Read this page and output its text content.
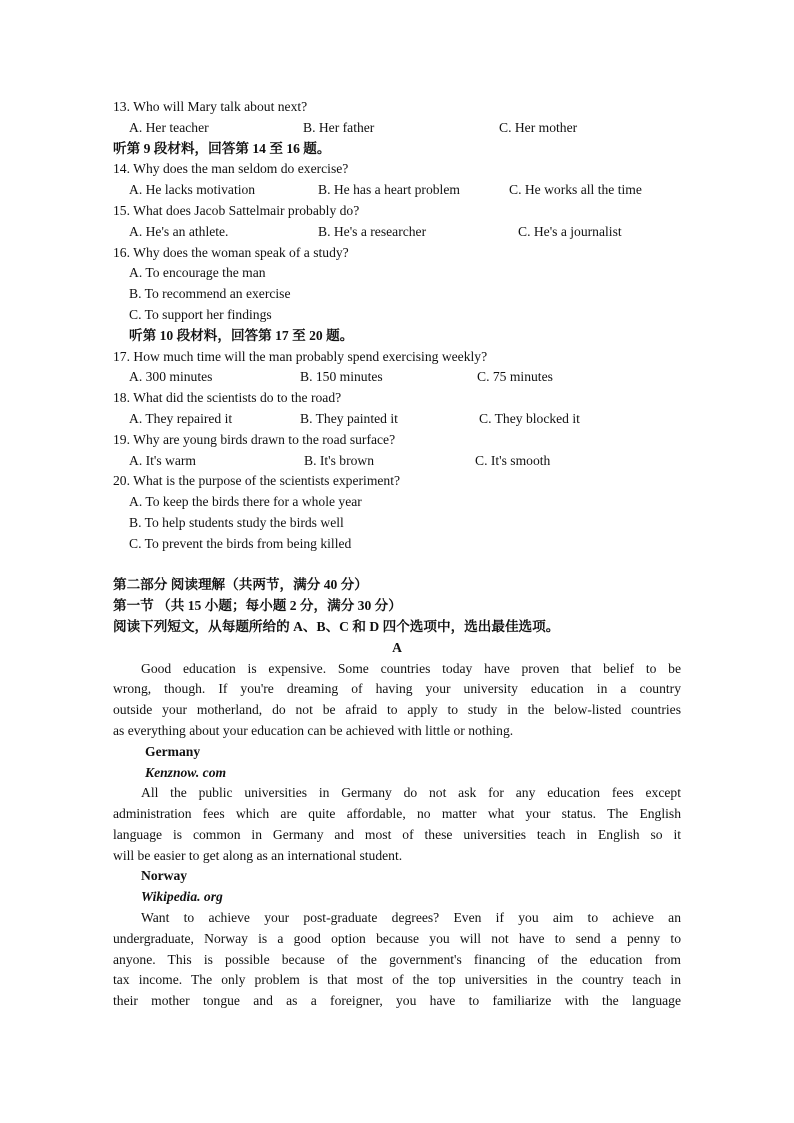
13. Who will Mary talk about next?
A. Her teacher	B. Her father	C. Her mother
听第 9 段材料，回答第 14 至 16 题。
14. Why does the man seldom do exercise?
A. He lacks motivation	B. He has a heart problem	C. He works all the time
15. What does Jacob Sattelmair probably do?
A. He's an athlete.	B. He's a researcher	C. He's a journalist
16. Why does the woman speak of a study?
A. To encourage the man
B. To recommend an exercise
C. To support her findings
听第 10 段材料，回答第 17 至 20 题。
17. How much time will the man probably spend exercising weekly?
A. 300 minutes	B. 150 minutes	C. 75 minutes
18. What did the scientists do to the road?
A. They repaired it	B. They painted it	C. They blocked it
19. Why are young birds drawn to the road surface?
A. It's warm	B. It's brown	C. It's smooth
20. What is the purpose of the scientists experiment?
A. To keep the birds there for a whole year
B. To help students study the birds well
C. To prevent the birds from being killed
第二部分 阅读理解（共两节，满分 40 分）
第一节 （共 15 小题；每小题 2 分，满分 30 分）
阅读下列短文，从每题所给的 A、B、C 和 D 四个选项中，选出最佳选项。
A
Good education is expensive. Some countries today have proven that belief to be
wrong, though. If you're dreaming of having your university education in a country
outside your motherland, do not be afraid to apply to study in the below-listed countries
as everything about your education can be achieved with little or nothing.
Germany
Kenznow. com
All the public universities in Germany do not ask for any education fees except
administration fees which are quite affordable, no matter what your status. The English
language is common in Germany and most of these universities teach in English so it
will be easier to get along as an international student.
Norway
Wikipedia. org
Want to achieve your post-graduate degrees? Even if you aim to achieve an
undergraduate, Norway is a good option because you will not have to send a penny to
anyone. This is possible because of the government's financing of the education from
tax income. The only problem is that most of the top universities in the country teach in
their mother tongue and as a foreigner, you have to familiarize with the language
